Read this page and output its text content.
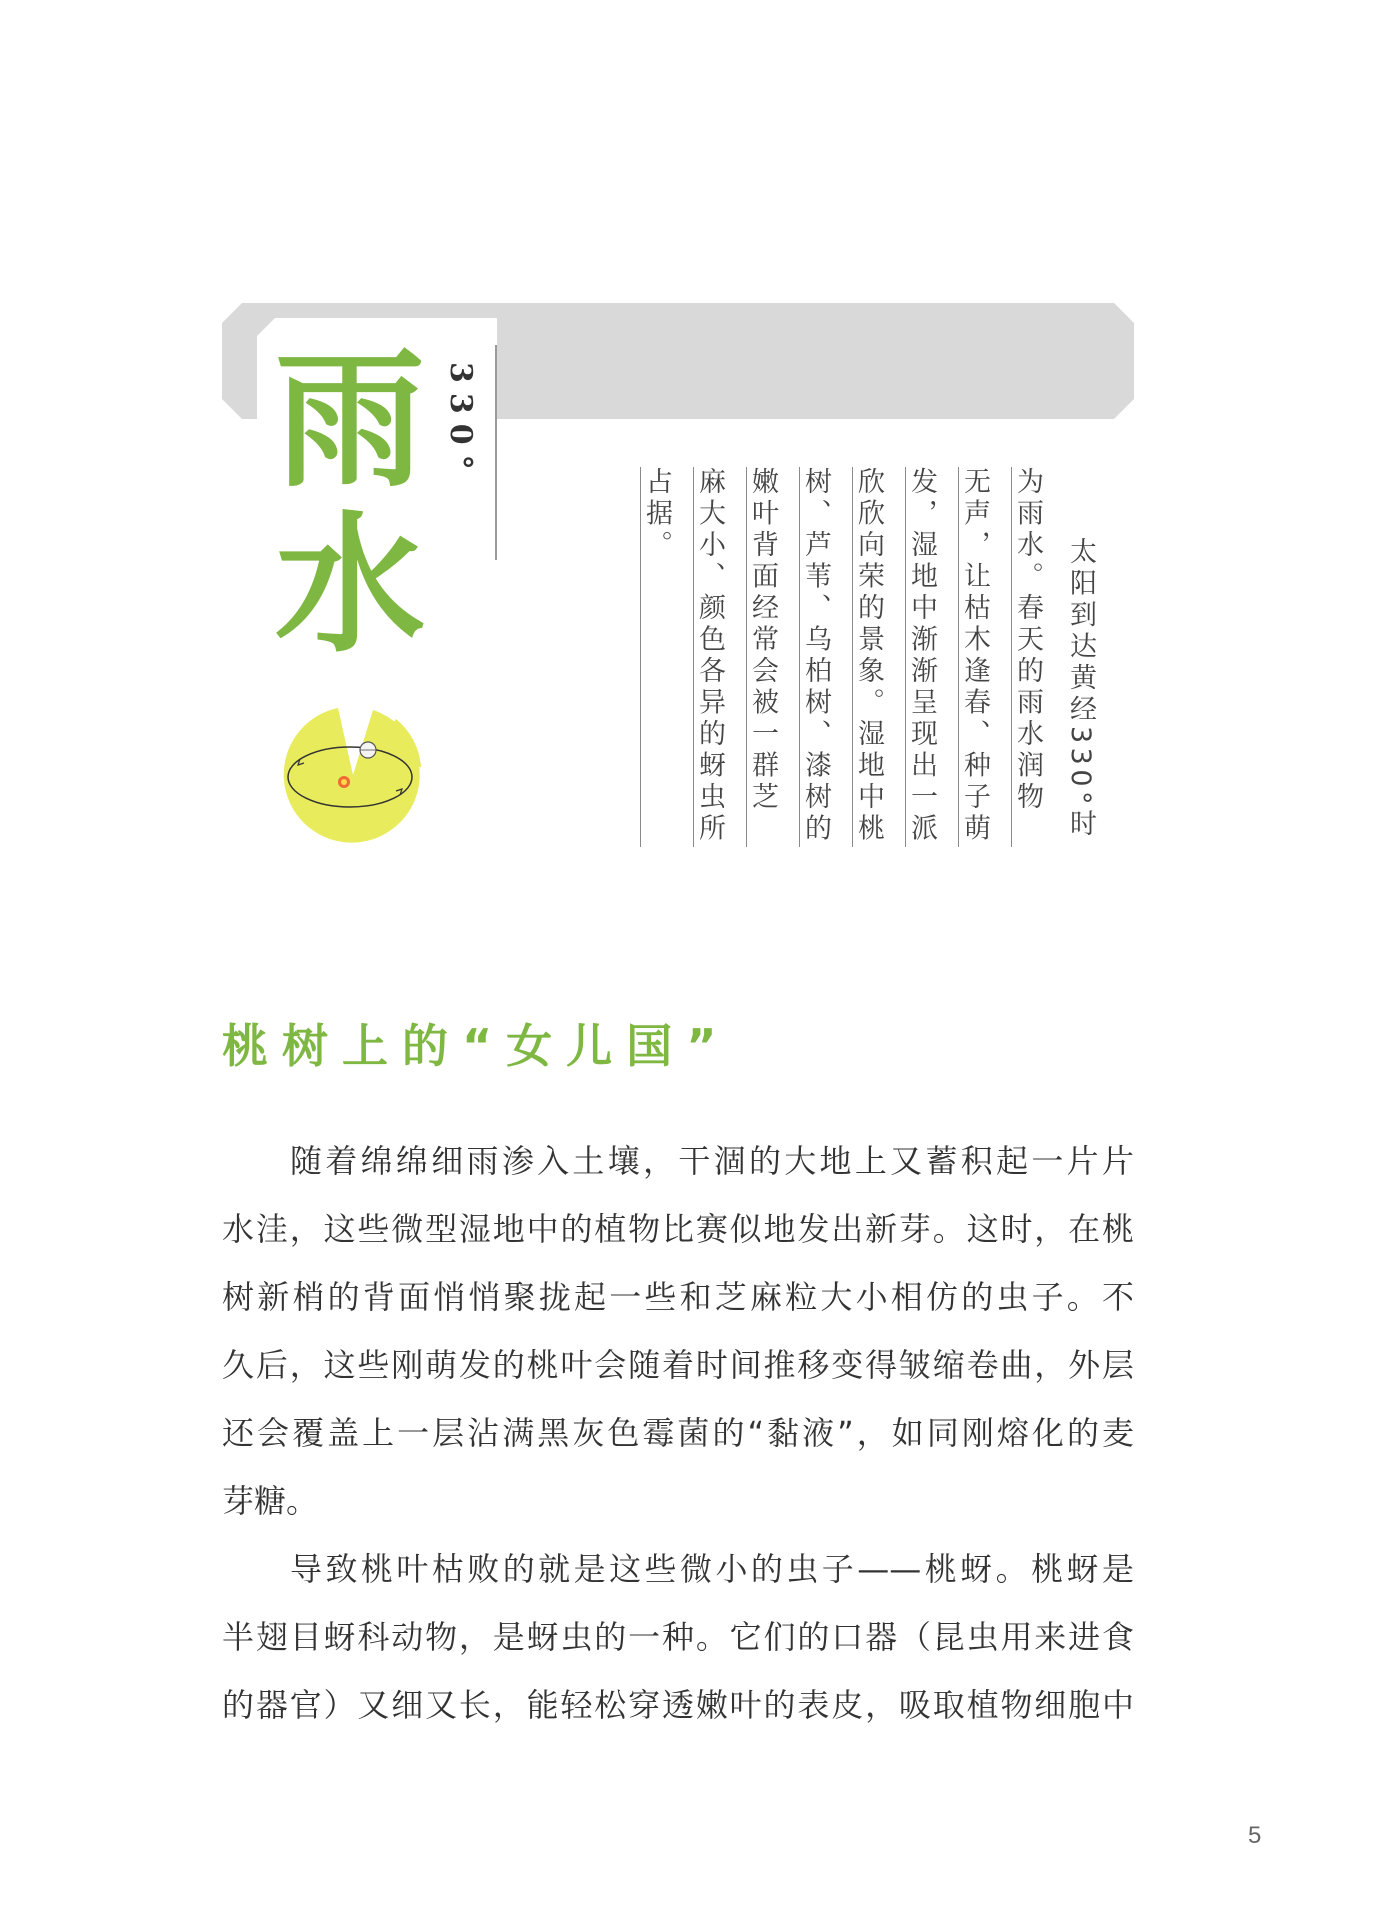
雨
水
330°
太阳到达黄经330°时
为雨水。春天的雨水润物
无声，让枯木逢春、种子萌
发，湿地中渐渐呈现出一派
欣欣向荣的景象。湿地中桃
树、芦苇、乌柏树、漆树的
嫩叶背面经常会被一群芝
麻大小、颜色各异的蚜虫所
占据。
桃树上的“女儿国”
随着绵绵细雨渗入土壤，干涸的大地上又蓄积起一片片
水洼，这些微型湿地中的植物比赛似地发出新芽。这时，在桃
树新梢的背面悄悄聚拢起一些和芝麻粒大小相仿的虫子。不
久后，这些刚萌发的桃叶会随着时间推移变得皱缩卷曲，外层
还会覆盖上一层沾满黑灰色霉菌的“黏液”，如同刚熔化的麦
芽糖。
导致桃叶枯败的就是这些微小的虫子——桃蚜。桃蚜是
半翅目蚜科动物，是蚜虫的一种。它们的口器（昆虫用来进食
的器官）又细又长，能轻松穿透嫩叶的表皮，吸取植物细胞中
5
